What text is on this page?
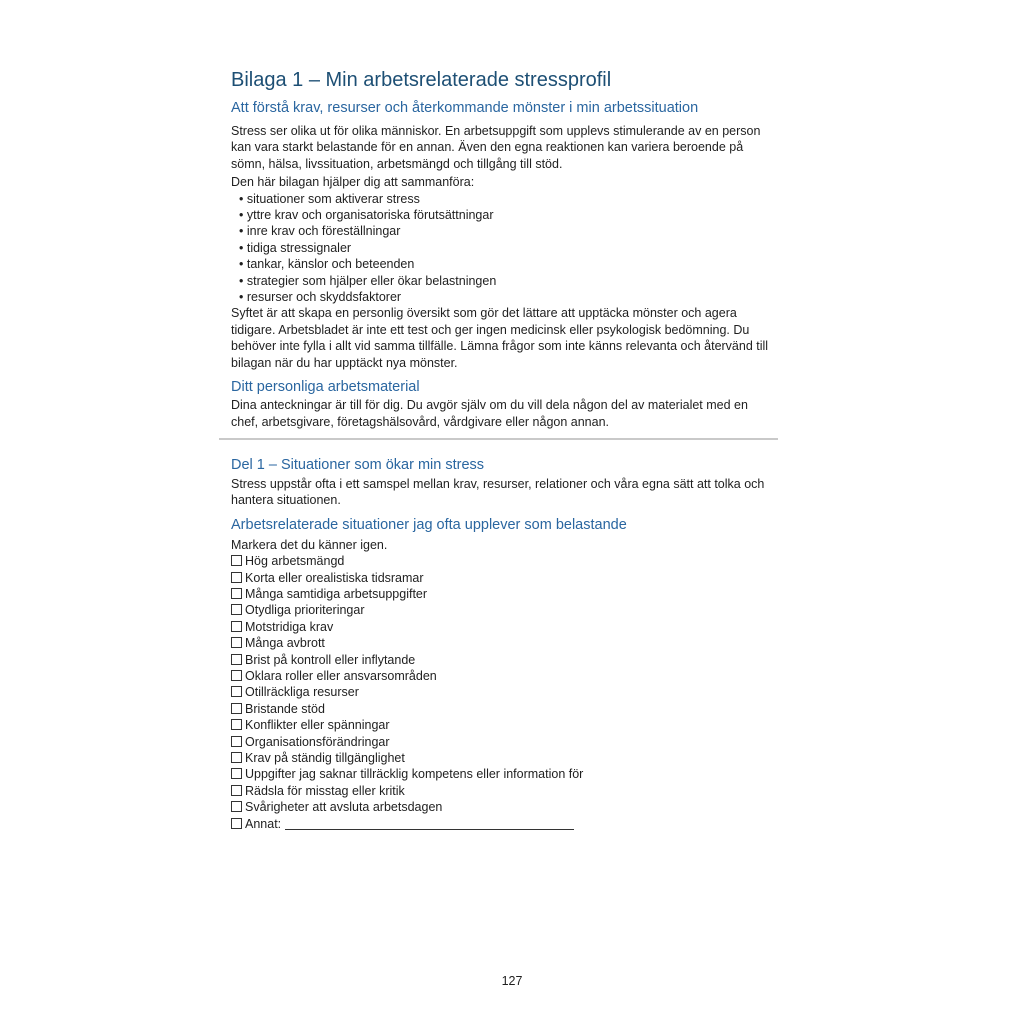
Bilaga 1 – Min arbetsrelaterade stressprofil
Att förstå krav, resurser och återkommande mönster i min arbetssituation

Stress ser olika ut för olika människor. En arbetsuppgift som upplevs stimulerande av en person

kan vara starkt belastande för en annan. Även den egna reaktionen kan variera beroende på

sömn, hälsa, livssituation, arbetsmängd och tillgång till stöd.

Den här bilagan hjälper dig att sammanföra:

• situationer som aktiverar stress
• yttre krav och organisatoriska förutsättningar
• inre krav och föreställningar
• tidiga stressignaler
• tankar, känslor och beteenden
• strategier som hjälper eller ökar belastningen
• resurser och skyddsfaktorer

Syftet är att skapa en personlig översikt som gör det lättare att upptäcka mönster och agera

tidigare. Arbetsbladet är inte ett test och ger ingen medicinsk eller psykologisk bedömning. Du

behöver inte fylla i allt vid samma tillfälle. Lämna frågor som inte känns relevanta och återvänd till

bilagan när du har upptäckt nya mönster.

Ditt personliga arbetsmaterial

Dina anteckningar är till för dig. Du avgör själv om du vill dela någon del av materialet med en

chef, arbetsgivare, företagshälsovård, vårdgivare eller någon annan.

Del 1 – Situationer som ökar min stress

Stress uppstår ofta i ett samspel mellan krav, resurser, relationer och våra egna sätt att tolka och

hantera situationen.

Arbetsrelaterade situationer jag ofta upplever som belastande

Markera det du känner igen.

Hög arbetsmängd
Korta eller orealistiska tidsramar
Många samtidiga arbetsuppgifter
Otydliga prioriteringar
Motstridiga krav
Många avbrott
Brist på kontroll eller inflytande
Oklara roller eller ansvarsområden
Otillräckliga resurser
Bristande stöd
Konflikter eller spänningar
Organisationsförändringar
Krav på ständig tillgänglighet
Uppgifter jag saknar tillräcklig kompetens eller information för
Rädsla för misstag eller kritik
Svårigheter att avsluta arbetsdagen
Annat:
127
